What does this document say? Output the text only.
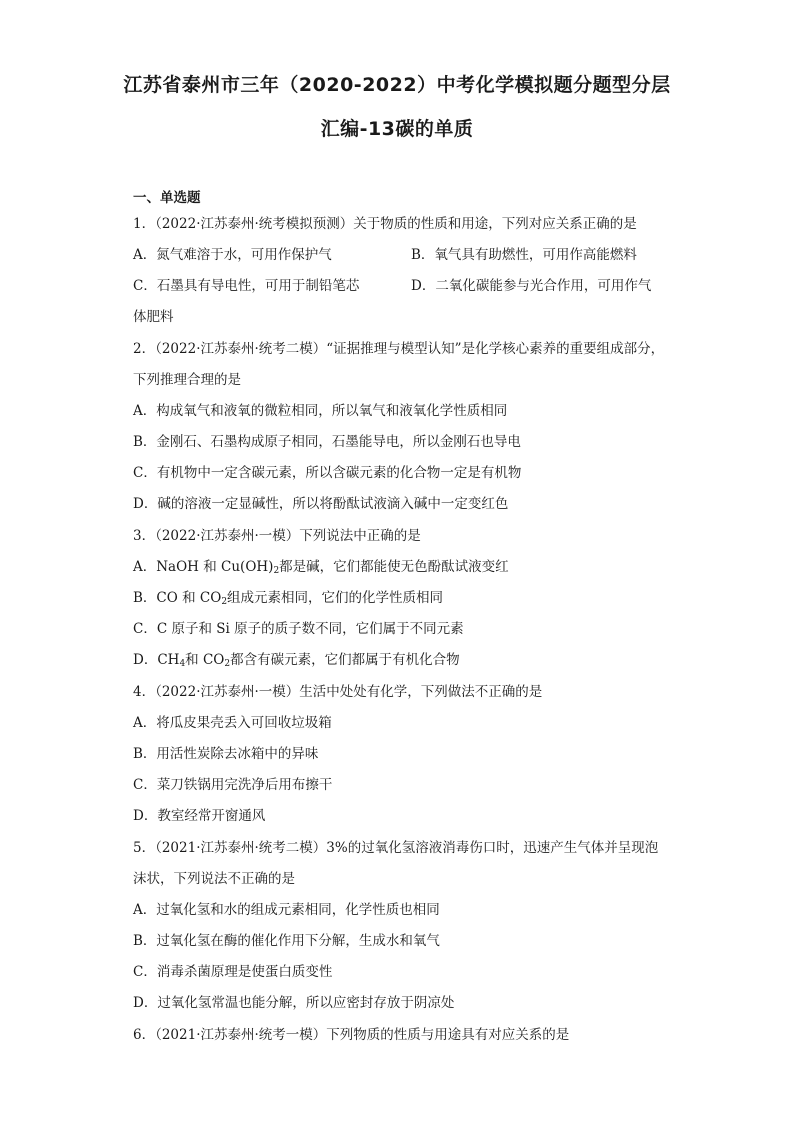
江苏省泰州市三年（2020-2022）中考化学模拟题分题型分层
汇编-13碳的单质
一、单选题
1．（2022·江苏泰州·统考模拟预测）关于物质的性质和用途，下列对应关系正确的是
A．氮气难溶于水，可用作保护气	B．氧气具有助燃性，可用作高能燃料
C．石墨具有导电性，可用于制铅笔芯	D．二氧化碳能参与光合作用，可用作气
体肥料
2．（2022·江苏泰州·统考二模）“证据推理与模型认知”是化学核心素养的重要组成部分，
下列推理合理的是
A．构成氧气和液氧的微粒相同，所以氧气和液氧化学性质相同
B．金刚石、石墨构成原子相同，石墨能导电，所以金刚石也导电
C．有机物中一定含碳元素，所以含碳元素的化合物一定是有机物
D．碱的溶液一定显碱性，所以将酚酞试液滴入碱中一定变红色
3．（2022·江苏泰州·一模）下列说法中正确的是
A．NaOH 和 $Cu(OH)_2$都是碱，它们都能使无色酚酞试液变红
B．CO 和 $CO_2$组成元素相同，它们的化学性质相同
C．C 原子和 Si 原子的质子数不同，它们属于不同元素
D．$CH_4$和 $CO_2$都含有碳元素，它们都属于有机化合物
4．（2022·江苏泰州·一模）生活中处处有化学，下列做法不正确的是
A．将瓜皮果壳丢入可回收垃圾箱
B．用活性炭除去冰箱中的异味
C．菜刀铁锅用完洗净后用布擦干
D．教室经常开窗通风
5．（2021·江苏泰州·统考二模）3%的过氧化氢溶液消毒伤口时，迅速产生气体并呈现泡
沫状，下列说法不正确的是
A．过氧化氢和水的组成元素相同，化学性质也相同
B．过氧化氢在酶的催化作用下分解，生成水和氧气
C．消毒杀菌原理是使蛋白质变性
D．过氧化氢常温也能分解，所以应密封存放于阴凉处
6．（2021·江苏泰州·统考一模）下列物质的性质与用途具有对应关系的是
